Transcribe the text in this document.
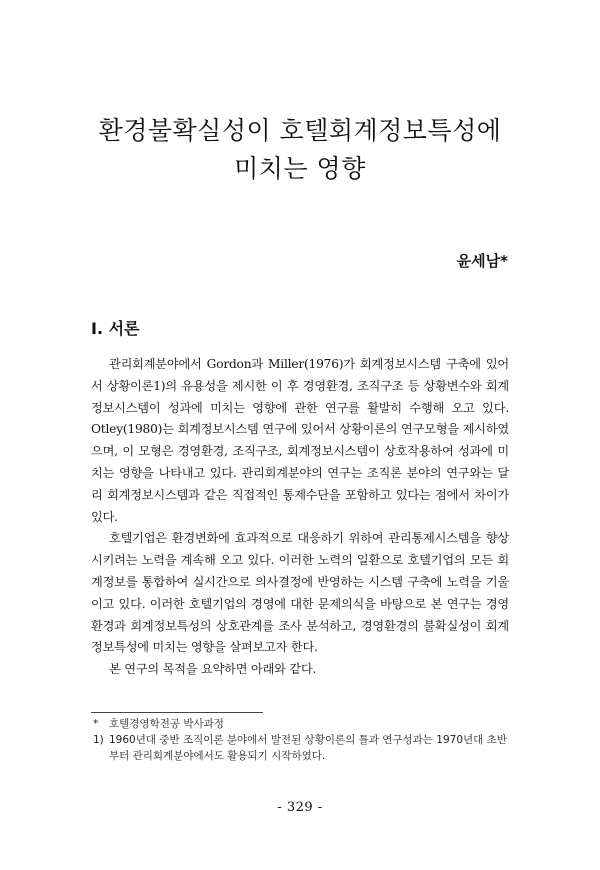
환경불확실성이 호텔회계정보특성에
미치는 영향
윤세남*
Ⅰ. 서론

관리회계분야에서 Gordon과 Miller(1976)가 회계정보시스템 구축에 있어서 상황이론1)의 유용성을 제시한 이 후 경영환경, 조직구조 등 상황변수와 회계정보시스템이 성과에 미치는 영향에 관한 연구를 활발히 수행해 오고 있다. Otley(1980)는 회계정보시스템 연구에 있어서 상황이론의 연구모형을 제시하였으며, 이 모형은 경영환경, 조직구조, 회계정보시스템이 상호작용하여 성과에 미치는 영향을 나타내고 있다. 관리회계분야의 연구는 조직론 분야의 연구와는 달리 회계정보시스템과 같은 직접적인 통제수단을 포함하고 있다는 점에서 차이가 있다.

호텔기업은 환경변화에 효과적으로 대응하기 위하여 관리통제시스템을 향상시키려는 노력을 계속해 오고 있다. 이러한 노력의 일환으로 호텔기업의 모든 회계정보를 통합하여 실시간으로 의사결정에 반영하는 시스템 구축에 노력을 기울이고 있다. 이러한 호텔기업의 경영에 대한 문제의식을 바탕으로 본 연구는 경영환경과 회계정보특성의 상호관계를 조사 분석하고, 경영환경의 불확실성이 회계정보특성에 미치는 영향을 살펴보고자 한다.

본 연구의 목적을 요약하면 아래와 같다.

* 호텔경영학전공 박사과정
1) 1960년대 중반 조직이론 분야에서 발전된 상황이론의 틀과 연구성과는 1970년대 초반부터 관리회계분야에서도 활용되기 시작하였다.
- 329 -
